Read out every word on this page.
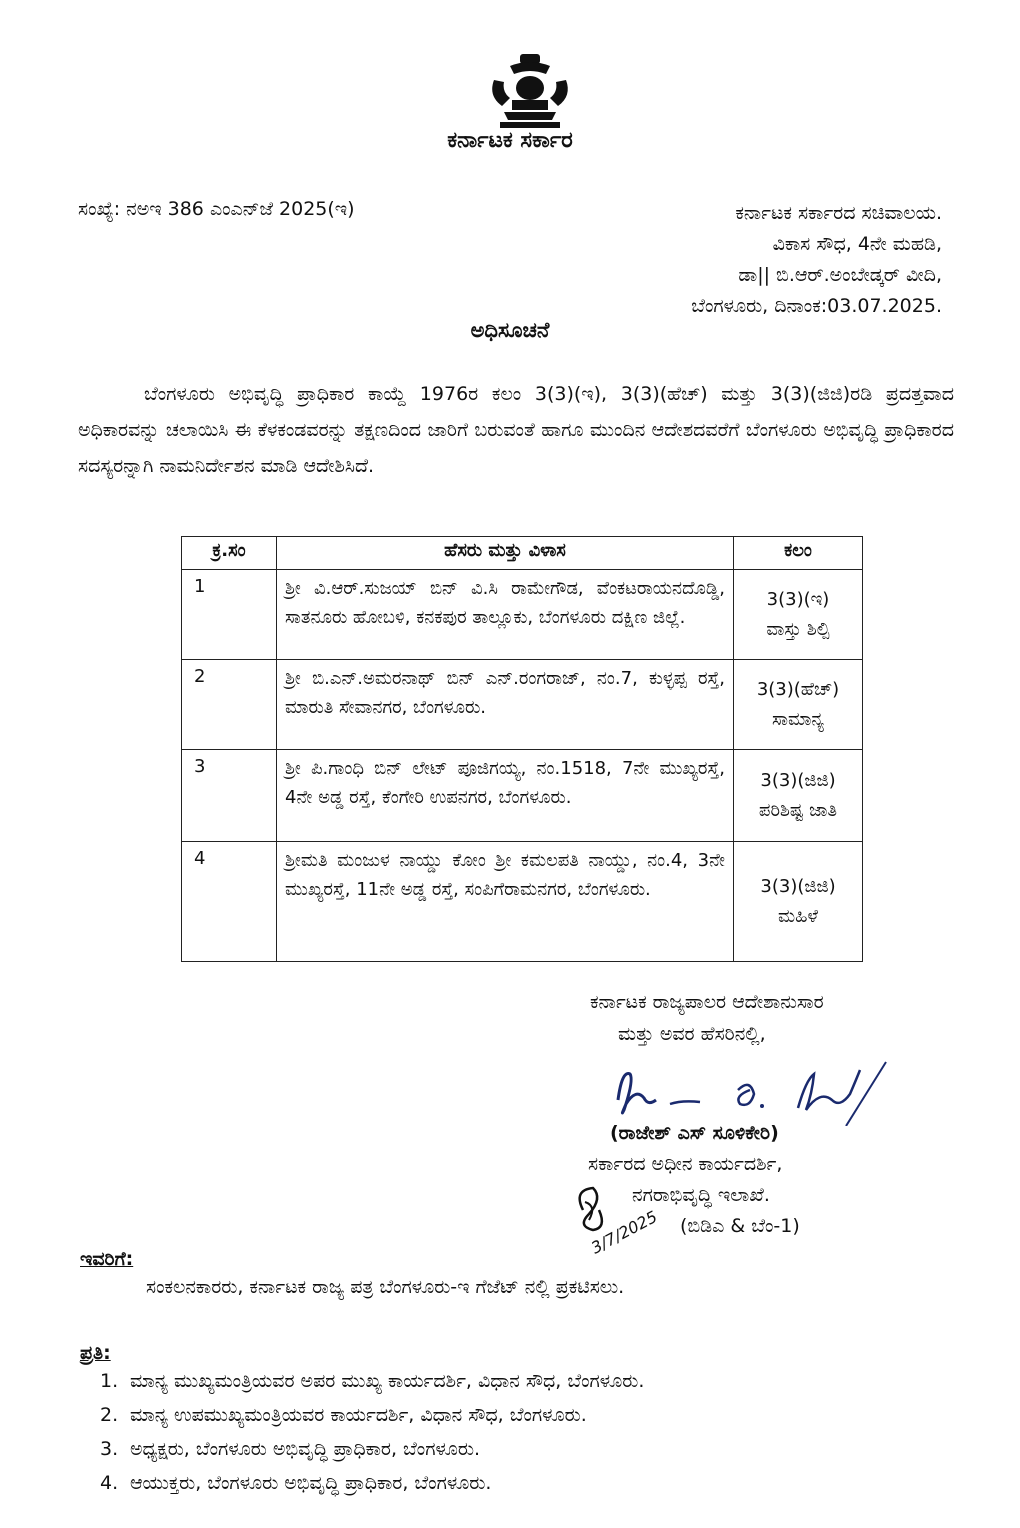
ಕರ್ನಾಟಕ ಸರ್ಕಾರ
ಸಂಖ್ಯೆ: ನಅಇ 386 ಎಂಎನ್‌ಜೆ 2025(ಇ)	ಕರ್ನಾಟಕ ಸರ್ಕಾರದ ಸಚಿವಾಲಯ.
ವಿಕಾಸ ಸೌಧ, 4ನೇ ಮಹಡಿ,
ಡಾ|| ಬಿ.ಆರ್.ಅಂಬೇಡ್ಕರ್ ವೀದಿ,
ಬೆಂಗಳೂರು, ದಿನಾಂಕ:03.07.2025.
ಅಧಿಸೂಚನೆ

ಬೆಂಗಳೂರು ಅಭಿವೃದ್ಧಿ ಪ್ರಾಧಿಕಾರ ಕಾಯ್ದೆ 1976ರ ಕಲಂ 3(3)(ಇ), 3(3)(ಹೆಚ್) ಮತ್ತು 3(3)(ಜಿಜಿ)ರಡಿ ಪ್ರದತ್ತವಾದ ಅಧಿಕಾರವನ್ನು ಚಲಾಯಿಸಿ ಈ ಕೆಳಕಂಡವರನ್ನು ತಕ್ಷಣದಿಂದ ಜಾರಿಗೆ ಬರುವಂತೆ ಹಾಗೂ ಮುಂದಿನ ಆದೇಶದವರೆಗೆ ಬೆಂಗಳೂರು ಅಭಿವೃದ್ಧಿ ಪ್ರಾಧಿಕಾರದ ಸದಸ್ಯರನ್ನಾಗಿ ನಾಮನಿರ್ದೇಶನ ಮಾಡಿ ಆದೇಶಿಸಿದೆ.

ಕ್ರ.ಸಂ	ಹೆಸರು ಮತ್ತು ವಿಳಾಸ	ಕಲಂ
1	ಶ್ರೀ ವಿ.ಆರ್.ಸುಜಯ್ ಬಿನ್ ವಿ.ಸಿ ರಾಮೇಗೌಡ, ವೆಂಕಟರಾಯನದೊಡ್ಡಿ, ಸಾತನೂರು ಹೋಬಳಿ, ಕನಕಪುರ ತಾಲ್ಲೂಕು, ಬೆಂಗಳೂರು ದಕ್ಷಿಣ ಜಿಲ್ಲೆ.	3(3)(ಇ)
ವಾಸ್ತು ಶಿಲ್ಪಿ

2	ಶ್ರೀ ಬಿ.ಎನ್.ಅಮರನಾಥ್ ಬಿನ್ ಎನ್.ರಂಗರಾಜ್, ನಂ.7, ಕುಳ್ಳಪ್ಪ ರಸ್ತೆ, ಮಾರುತಿ ಸೇವಾನಗರ, ಬೆಂಗಳೂರು.	3(3)(ಹೆಚ್)
ಸಾಮಾನ್ಯ

3	ಶ್ರೀ ಪಿ.ಗಾಂಧಿ ಬಿನ್ ಲೇಟ್ ಪೂಜಿಗಯ್ಯ, ನಂ.1518, 7ನೇ ಮುಖ್ಯರಸ್ತೆ, 4ನೇ ಅಡ್ಡ ರಸ್ತೆ, ಕೆಂಗೇರಿ ಉಪನಗರ, ಬೆಂಗಳೂರು.	3(3)(ಜಿಜಿ)
ಪರಿಶಿಷ್ಟ ಜಾತಿ

4	ಶ್ರೀಮತಿ ಮಂಜುಳ ನಾಯ್ಡು ಕೋಂ ಶ್ರೀ ಕಮಲಪತಿ ನಾಯ್ಡು, ನಂ.4, 3ನೇ ಮುಖ್ಯರಸ್ತೆ, 11ನೇ ಅಡ್ಡ ರಸ್ತೆ, ಸಂಪಿಗೆರಾಮನಗರ, ಬೆಂಗಳೂರು.	3(3)(ಜಿಜಿ)
ಮಹಿಳೆ
ಕರ್ನಾಟಕ ರಾಜ್ಯಪಾಲರ ಆದೇಶಾನುಸಾರ
ಮತ್ತು ಅವರ ಹೆಸರಿನಲ್ಲಿ,
(ರಾಜೇಶ್ ಎಸ್ ಸೂಳಿಕೇರಿ)
ಸರ್ಕಾರದ ಅಧೀನ ಕಾರ್ಯದರ್ಶಿ,
ನಗರಾಭಿವೃದ್ಧಿ ಇಲಾಖೆ.
(ಬಿಡಿಎ & ಬೆಂ-1)
3/7/2025
ಇವರಿಗೆ:
ಸಂಕಲನಕಾರರು, ಕರ್ನಾಟಕ ರಾಜ್ಯ ಪತ್ರ ಬೆಂಗಳೂರು-ಇ ಗೆಜೆಟ್ ನಲ್ಲಿ ಪ್ರಕಟಿಸಲು.
ಪ್ರತಿ:
1. ಮಾನ್ಯ ಮುಖ್ಯಮಂತ್ರಿಯವರ ಅಪರ ಮುಖ್ಯ ಕಾರ್ಯದರ್ಶಿ, ವಿಧಾನ ಸೌಧ, ಬೆಂಗಳೂರು.
2. ಮಾನ್ಯ ಉಪಮುಖ್ಯಮಂತ್ರಿಯವರ ಕಾರ್ಯದರ್ಶಿ, ವಿಧಾನ ಸೌಧ, ಬೆಂಗಳೂರು.
3. ಅಧ್ಯಕ್ಷರು, ಬೆಂಗಳೂರು ಅಭಿವೃದ್ಧಿ ಪ್ರಾಧಿಕಾರ, ಬೆಂಗಳೂರು.
4. ಆಯುಕ್ತರು, ಬೆಂಗಳೂರು ಅಭಿವೃದ್ಧಿ ಪ್ರಾಧಿಕಾರ, ಬೆಂಗಳೂರು.
